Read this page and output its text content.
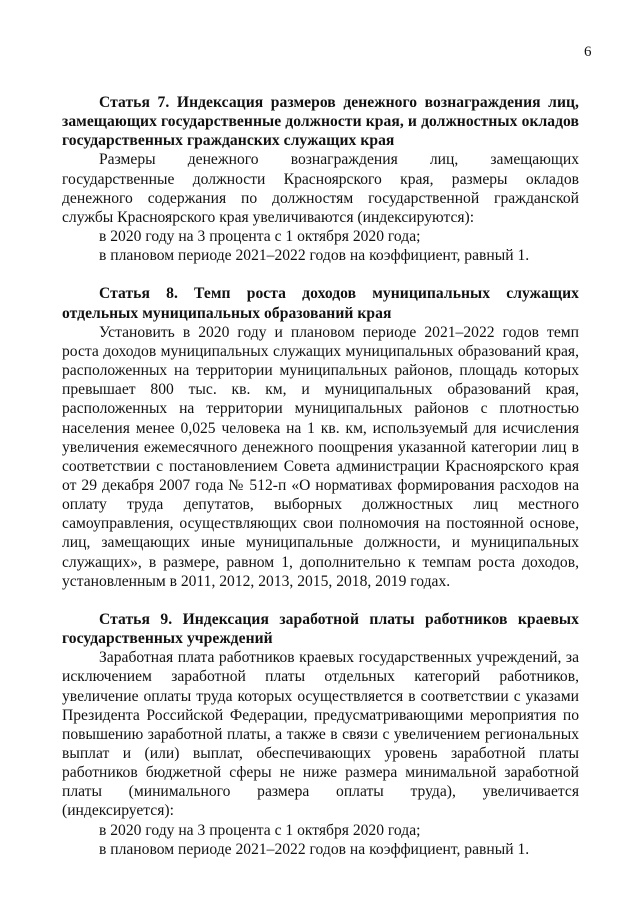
6

Статья 7. Индексация размеров денежного вознаграждения лиц, замещающих государственные должности края, и должностных окладов государственных гражданских служащих края

Размеры денежного вознаграждения лиц, замещающих государственные должности Красноярского края, размеры окладов денежного содержания по должностям государственной гражданской службы Красноярского края увеличиваются (индексируются):

в 2020 году на 3 процента с 1 октября 2020 года;

в плановом периоде 2021–2022 годов на коэффициент, равный 1.

Статья 8. Темп роста доходов муниципальных служащих отдельных муниципальных образований края

Установить в 2020 году и плановом периоде 2021–2022 годов темп роста доходов муниципальных служащих муниципальных образований края, расположенных на территории муниципальных районов, площадь которых превышает 800 тыс. кв. км, и муниципальных образований края, расположенных на территории муниципальных районов с плотностью населения менее 0,025 человека на 1 кв. км, используемый для исчисления увеличения ежемесячного денежного поощрения указанной категории лиц в соответствии с постановлением Совета администрации Красноярского края от 29 декабря 2007 года № 512-п «О нормативах формирования расходов на оплату труда депутатов, выборных должностных лиц местного самоуправления, осуществляющих свои полномочия на постоянной основе, лиц, замещающих иные муниципальные должности, и муниципальных служащих», в размере, равном 1, дополнительно к темпам роста доходов, установленным в 2011, 2012, 2013, 2015, 2018, 2019 годах.

Статья 9. Индексация заработной платы работников краевых государственных учреждений

Заработная плата работников краевых государственных учреждений, за исключением заработной платы отдельных категорий работников, увеличение оплаты труда которых осуществляется в соответствии с указами Президента Российской Федерации, предусматривающими мероприятия по повышению заработной платы, а также в связи с увеличением региональных выплат и (или) выплат, обеспечивающих уровень заработной платы работников бюджетной сферы не ниже размера минимальной заработной платы (минимального размера оплаты труда), увеличивается (индексируется):

в 2020 году на 3 процента с 1 октября 2020 года;

в плановом периоде 2021–2022 годов на коэффициент, равный 1.
